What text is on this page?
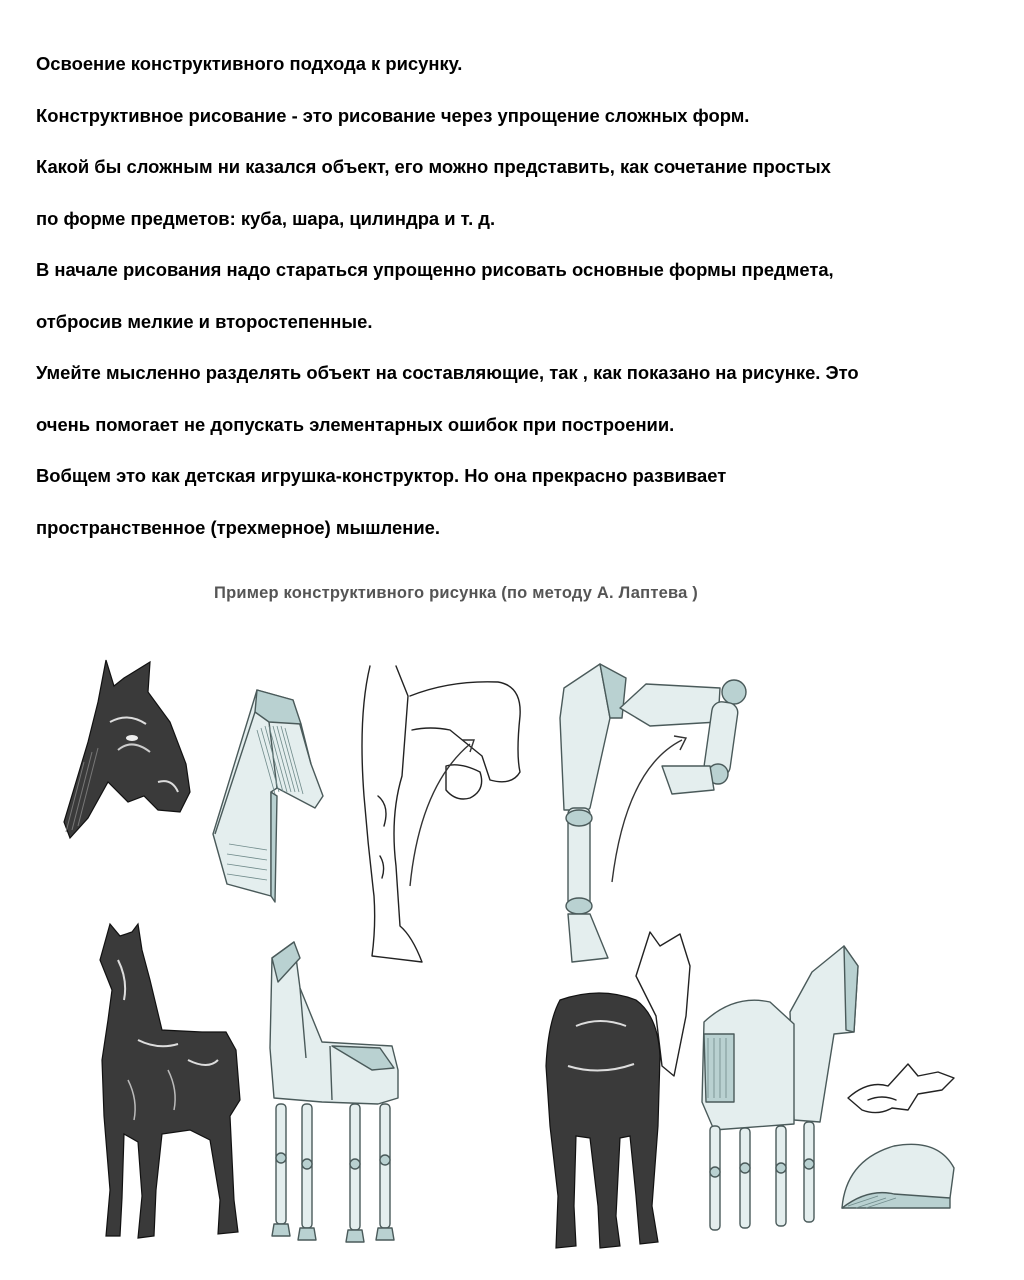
Освоение конструктивного подхода к рисунку.
Конструктивное рисование - это рисование через упрощение сложных форм.
Какой бы сложным ни казался объект, его можно представить, как сочетание простых
по форме предметов: куба, шара, цилиндра и т. д.
В начале рисования надо стараться упрощенно рисовать основные формы предмета,
отбросив мелкие и второстепенные.
Умейте мысленно разделять объект на составляющие, так , как показано на рисунке. Это
очень помогает не допускать элементарных ошибок при построении.
Вобщем это как детская игрушка-конструктор. Но она прекрасно развивает
пространственное (трехмерное) мышление.
Пример конструктивного рисунка (по методу А. Лаптева )
